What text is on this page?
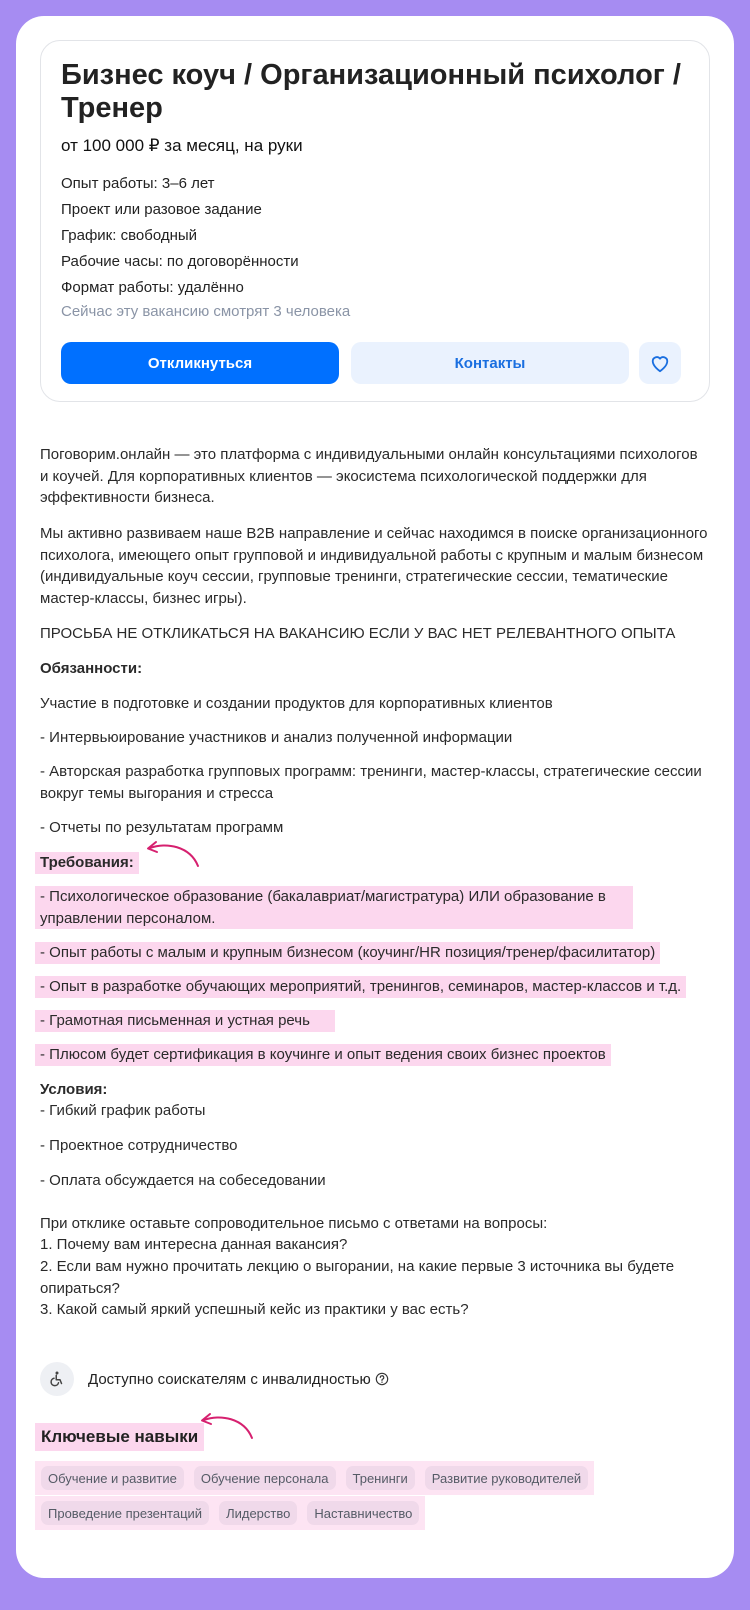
Бизнес коуч / Организационный психолог / Тренер
от 100 000 ₽ за месяц, на руки
Опыт работы: 3–6 лет
Проект или разовое задание
График: свободный
Рабочие часы: по договорённости
Формат работы: удалённо
Сейчас эту вакансию смотрят 3 человека
Откликнуться	Контакты
Поговорим.онлайн — это платформа с индивидуальными онлайн консультациями психологов и коучей. Для корпоративных клиентов — экосистема психологической поддержки для эффективности бизнеса.
Мы активно развиваем наше B2B направление и сейчас находимся в поиске организационного психолога, имеющего опыт групповой и индивидуальной работы с крупным и малым бизнесом (индивидуальные коуч сессии, групповые тренинги, стратегические сессии, тематические мастер-классы, бизнес игры).
ПРОСЬБА НЕ ОТКЛИКАТЬСЯ НА ВАКАНСИЮ ЕСЛИ У ВАС НЕТ РЕЛЕВАНТНОГО ОПЫТА
Обязанности:
Участие в подготовке и создании продуктов для корпоративных клиентов
- Интервьюирование участников и анализ полученной информации
- Авторская разработка групповых программ: тренинги, мастер-классы, стратегические сессии вокруг темы выгорания и стресса
- Отчеты по результатам программ
Требования:
- Психологическое образование (бакалавриат/магистратура) ИЛИ образование в управлении персоналом.
- Опыт работы с малым и крупным бизнесом (коучинг/HR позиция/тренер/фасилитатор)
- Опыт в разработке обучающих мероприятий, тренингов, семинаров, мастер-классов и т.д.
- Грамотная письменная и устная речь
- Плюсом будет сертификация в коучинге и опыт ведения своих бизнес проектов
Условия:
- Гибкий график работы
- Проектное сотрудничество
- Оплата обсуждается на собеседовании
При отклике оставьте сопроводительное письмо с ответами на вопросы:
1. Почему вам интересна данная вакансия?
2. Если вам нужно прочитать лекцию о выгорании, на какие первые 3 источника вы будете опираться?
3. Какой самый яркий успешный кейс из практики у вас есть?
Доступно соискателям с инвалидностью
Ключевые навыки
Обучение и развитие	Обучение персонала	Тренинги	Развитие руководителей
Проведение презентаций	Лидерство	Наставничество
